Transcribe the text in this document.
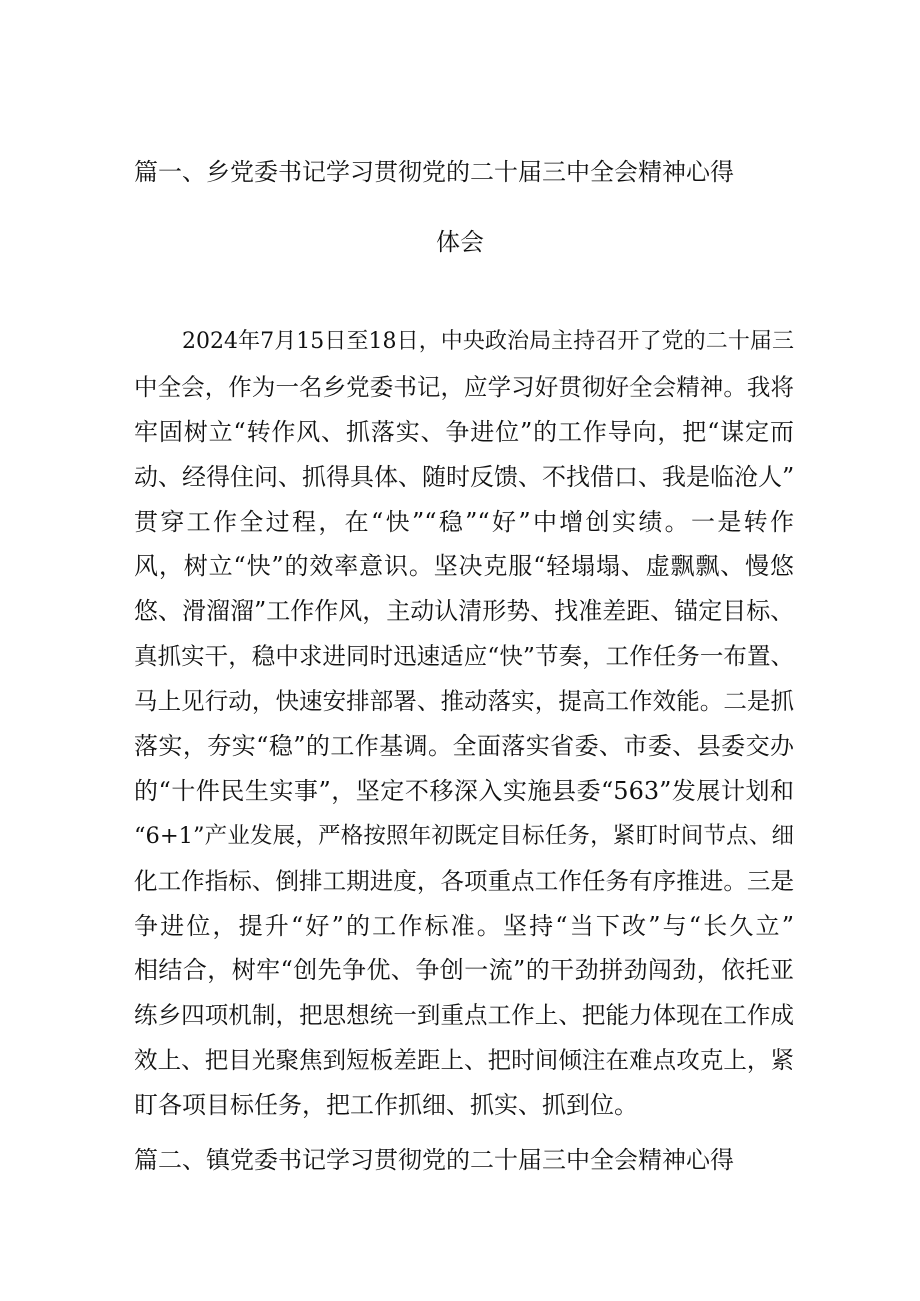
篇一、乡党委书记学习贯彻党的二十届三中全会精神心得
体会
2024年7月15日至18日，中央政治局主持召开了党的二十届三
中全会，作为一名乡党委书记，应学习好贯彻好全会精神。我将
牢固树立“转作风、抓落实、争进位”的工作导向，把“谋定而
动、经得住问、抓得具体、随时反馈、不找借口、我是临沧人”
贯穿工作全过程，在“快”“稳”“好”中增创实绩。一是转作
风，树立“快”的效率意识。坚决克服“轻塌塌、虚飘飘、慢悠
悠、滑溜溜”工作作风，主动认清形势、找准差距、锚定目标、
真抓实干，稳中求进同时迅速适应“快”节奏，工作任务一布置、
马上见行动，快速安排部署、推动落实，提高工作效能。二是抓
落实，夯实“稳”的工作基调。全面落实省委、市委、县委交办
的“十件民生实事”，坚定不移深入实施县委“563”发展计划和
“6+1”产业发展，严格按照年初既定目标任务，紧盯时间节点、细
化工作指标、倒排工期进度，各项重点工作任务有序推进。三是
争进位，提升“好”的工作标准。坚持“当下改”与“长久立”
相结合，树牢“创先争优、争创一流”的干劲拼劲闯劲，依托亚
练乡四项机制，把思想统一到重点工作上、把能力体现在工作成
效上、把目光聚焦到短板差距上、把时间倾注在难点攻克上，紧
盯各项目标任务，把工作抓细、抓实、抓到位。
篇二、镇党委书记学习贯彻党的二十届三中全会精神心得
